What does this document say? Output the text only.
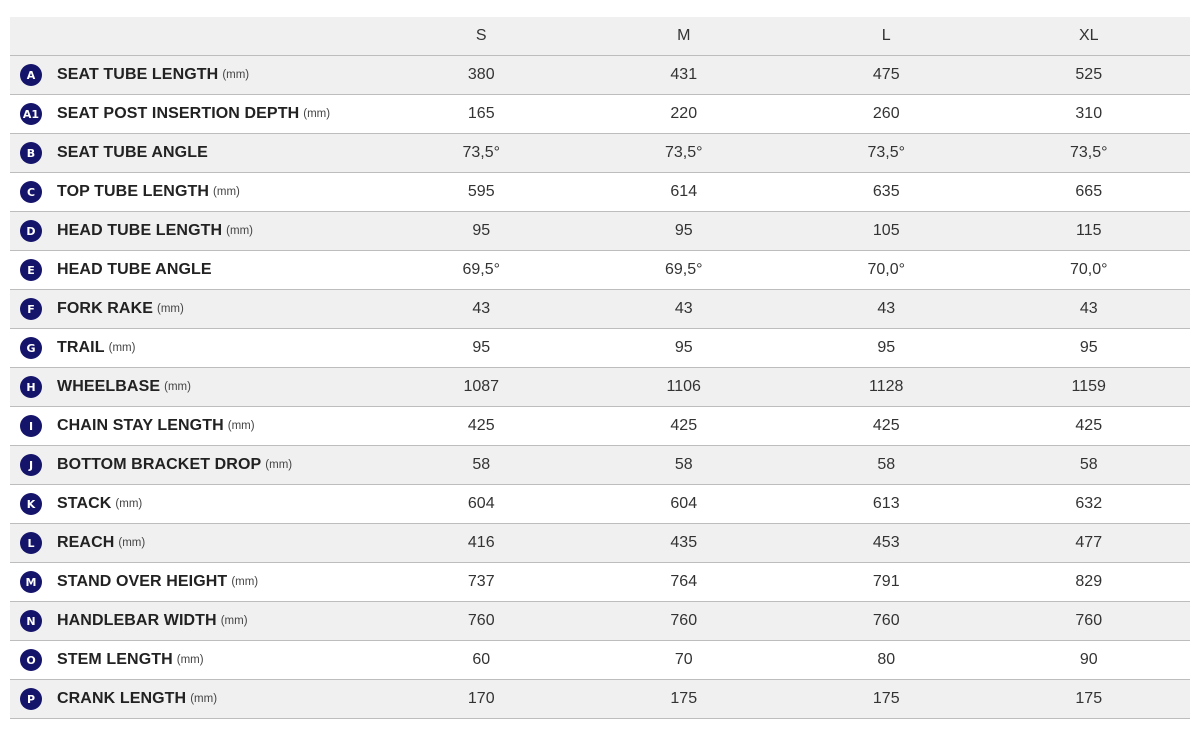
	S	M	L	XL

A SEAT TUBE LENGTH (mm)	380	431	475	525

A1 SEAT POST INSERTION DEPTH (mm)	165	220	260	310

B SEAT TUBE ANGLE	73,5°	73,5°	73,5°	73,5°

C TOP TUBE LENGTH (mm)	595	614	635	665

D HEAD TUBE LENGTH (mm)	95	95	105	115

E HEAD TUBE ANGLE	69,5°	69,5°	70,0°	70,0°

F FORK RAKE (mm)	43	43	43	43

G TRAIL (mm)	95	95	95	95

H WHEELBASE (mm)	1087	1106	1128	1159

I CHAIN STAY LENGTH (mm)	425	425	425	425

J BOTTOM BRACKET DROP (mm)	58	58	58	58

K STACK (mm)	604	604	613	632

L REACH (mm)	416	435	453	477

M STAND OVER HEIGHT (mm)	737	764	791	829

N HANDLEBAR WIDTH (mm)	760	760	760	760

O STEM LENGTH (mm)	60	70	80	90

P CRANK LENGTH (mm)	170	175	175	175
